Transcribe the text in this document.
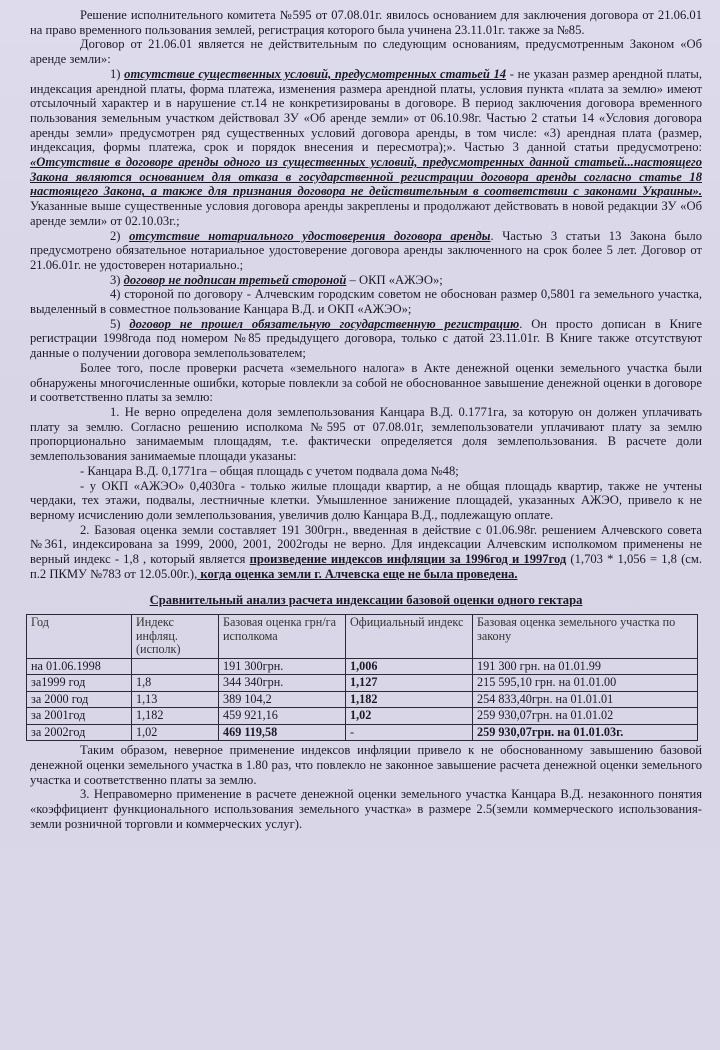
Решение исполнительного комитета №595 от 07.08.01г. явилось основанием для заключения договора от 21.06.01 на право временного пользования землей, регистрация которого была учинена 23.11.01г. также за №85.

Договор от 21.06.01 является не действительным по следующим основаниям, предусмотренным Законом «Об аренде земли»:

1) отсутствие существенных условий, предусмотренных статьей 14 - не указан размер арендной платы, индексация арендной платы, форма платежа, изменения размера арендной платы, условия пункта «плата за землю» имеют отсылочный характер и в нарушение ст.14 не конкретизированы в договоре. В период заключения договора временного пользования земельным участком действовал ЗУ «Об аренде земли» от 06.10.98г. Частью 2 статьи 14 «Условия договора аренды земли» предусмотрен ряд существенных условий договора аренды, в том числе: «3) арендная плата (размер, индексация, формы платежа, срок и порядок внесения и пересмотра);». Частью 3 данной статьи предусмотрено: «Отсутствие в договоре аренды одного из существенных условий, предусмотренных данной статьей...настоящего Закона являются основанием для отказа в государственной регистрации договора аренды согласно статье 18 настоящего Закона, а также для признания договора не действительным в соответствии с законами Украины». Указанные выше существенные условия договора аренды закреплены и продолжают действовать в новой редакции ЗУ «Об аренде земли» от 02.10.03г.;

2) отсутствие нотариального удостоверения договора аренды. Частью 3 статьи 13 Закона было предусмотрено обязательное нотариальное удостоверение договора аренды заключенного на срок более 5 лет. Договор от 21.06.01г. не удостоверен нотариально.;

3) договор не подписан третьей стороной – ОКП «АЖЭО»;

4) стороной по договору - Алчевским городским советом не обоснован размер 0,5801 га земельного участка, выделенный в совместное пользование Канцара В.Д. и ОКП «АЖЭО»;

5) договор не прошел обязательную государственную регистрацию. Он просто дописан в Книге регистрации 1998года под номером №85 предыдущего договора, только с датой 23.11.01г. В Книге также отсутствуют данные о получении договора землепользователем;

Более того, после проверки расчета «земельного налога» в Акте денежной оценки земельного участка были обнаружены многочисленные ошибки, которые повлекли за собой не обоснованное завышение денежной оценки в договоре и соответственно платы за землю:

1. Не верно определена доля землепользования Канцара В.Д. 0.1771га, за которую он должен уплачивать плату за землю. Согласно решению исполкома №595 от 07.08.01г, землепользователи уплачивают плату за землю пропорционально занимаемым площадям, т.е. фактически определяется доля землепользования. В расчете доли землепользования занимаемые площади указаны:

- Канцара В.Д. 0,1771га – общая площадь с учетом подвала дома №48;

- у ОКП «АЖЭО» 0,4030га - только жилые площади квартир, а не общая площадь квартир, также не учтены чердаки, тех этажи, подвалы, лестничные клетки. Умышленное занижение площадей, указанных АЖЭО, привело к не верному исчислению доли землепользования, увеличив долю Канцара В.Д., подлежащую оплате.

2. Базовая оценка земли составляет 191 300грн., введенная в действие с 01.06.98г. решением Алчевского совета №361, индексирована за 1999, 2000, 2001, 2002годы не верно. Для индексации Алчевским исполкомом применены не верный индекс - 1,8 , который является произведение индексов инфляции за 1996год и 1997год (1,703 * 1,056 = 1,8 (см. п.2 ПКМУ №783 от 12.05.00г.), когда оценка земли г. Алчевска еще не была проведена.

Сравнительный анализ расчета индексации базовой оценки одного гектара

Год	Индекс инфляц. (исполк)	Базовая оценка грн/га исполкома	Официальный индекс	Базовая оценка земельного участка по закону
на 01.06.1998		191 300грн.	1,006	191 300 грн. на 01.01.99
за1999 год	1,8	344 340грн.	1,127	215 595,10 грн. на 01.01.00
за 2000 год	1,13	389 104,2	1,182	254 833,40грн. на 01.01.01
за 2001год	1,182	459 921,16	1,02	259 930,07грн. на 01.01.02
за 2002год	1,02	469 119,58	-	259 930,07грн. на 01.01.03г.

Таким образом, неверное применение индексов инфляции привело к не обоснованному завышению базовой денежной оценки земельного участка в 1.80 раз, что повлекло не законное завышение расчета денежной оценки земельного участка и соответственно платы за землю.

3. Неправомерно применение в расчете денежной оценки земельного участка Канцара В.Д. незаконного понятия «коэффициент функционального использования земельного участка» в размере 2.5(земли коммерческого использования-земли розничной торговли и коммерческих услуг).
